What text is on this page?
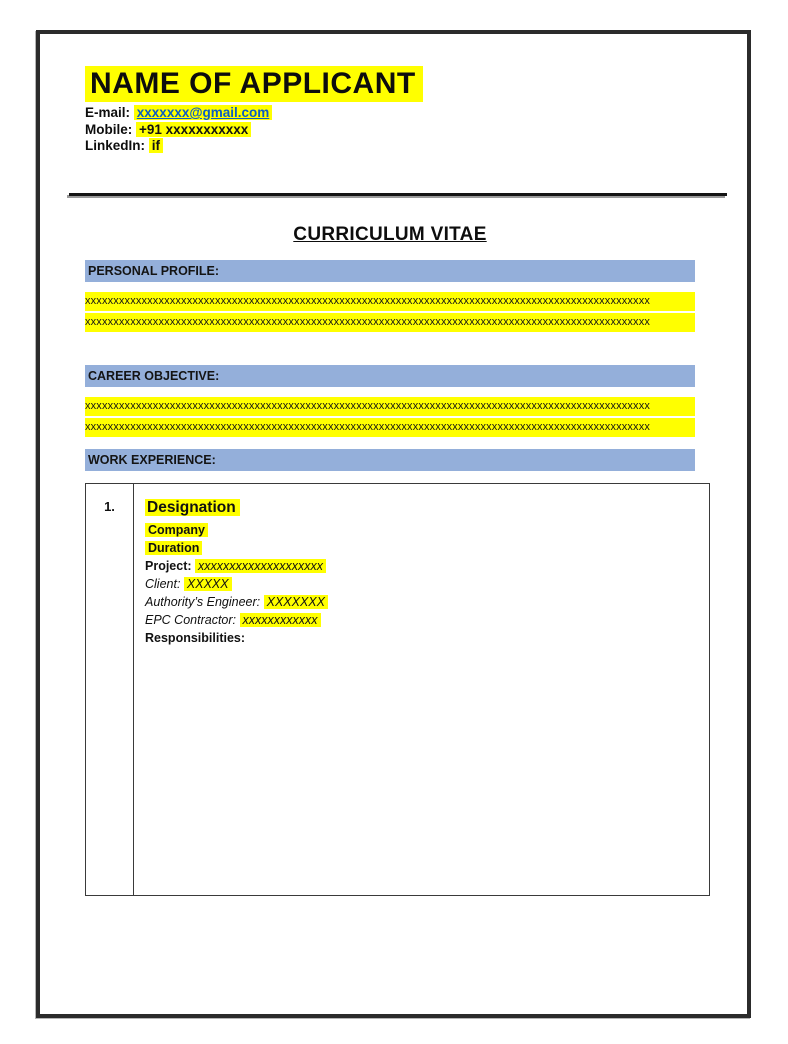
NAME OF APPLICANT
E-mail: xxxxxxx@gmail.com
Mobile: +91 xxxxxxxxxxx
LinkedIn: if
CURRICULUM VITAE
PERSONAL PROFILE:
xxxxxxxxxxxxxxxxxxxxxxxxxxxxxxxxxxxxxxxxxxxxxxxxxxxxxxxxxxxxxxxxxxxxxxxxxxxxxxxxxxxxxxxxxxxxxxxxxxxx
xxxxxxxxxxxxxxxxxxxxxxxxxxxxxxxxxxxxxxxxxxxxxxxxxxxxxxxxxxxxxxxxxxxxxxxxxxxxxxxxxxxxxxxxxxxxxxxxxxxx
CAREER OBJECTIVE:
xxxxxxxxxxxxxxxxxxxxxxxxxxxxxxxxxxxxxxxxxxxxxxxxxxxxxxxxxxxxxxxxxxxxxxxxxxxxxxxxxxxxxxxxxxxxxxxxxxxx
xxxxxxxxxxxxxxxxxxxxxxxxxxxxxxxxxxxxxxxxxxxxxxxxxxxxxxxxxxxxxxxxxxxxxxxxxxxxxxxxxxxxxxxxxxxxxxxxxxxx
WORK EXPERIENCE:
1.	Designation
Company
Duration
Project: xxxxxxxxxxxxxxxxxxxx
Client: XXXXX
Authority’s Engineer: XXXXXXX
EPC Contractor: xxxxxxxxxxxx
Responsibilities:
